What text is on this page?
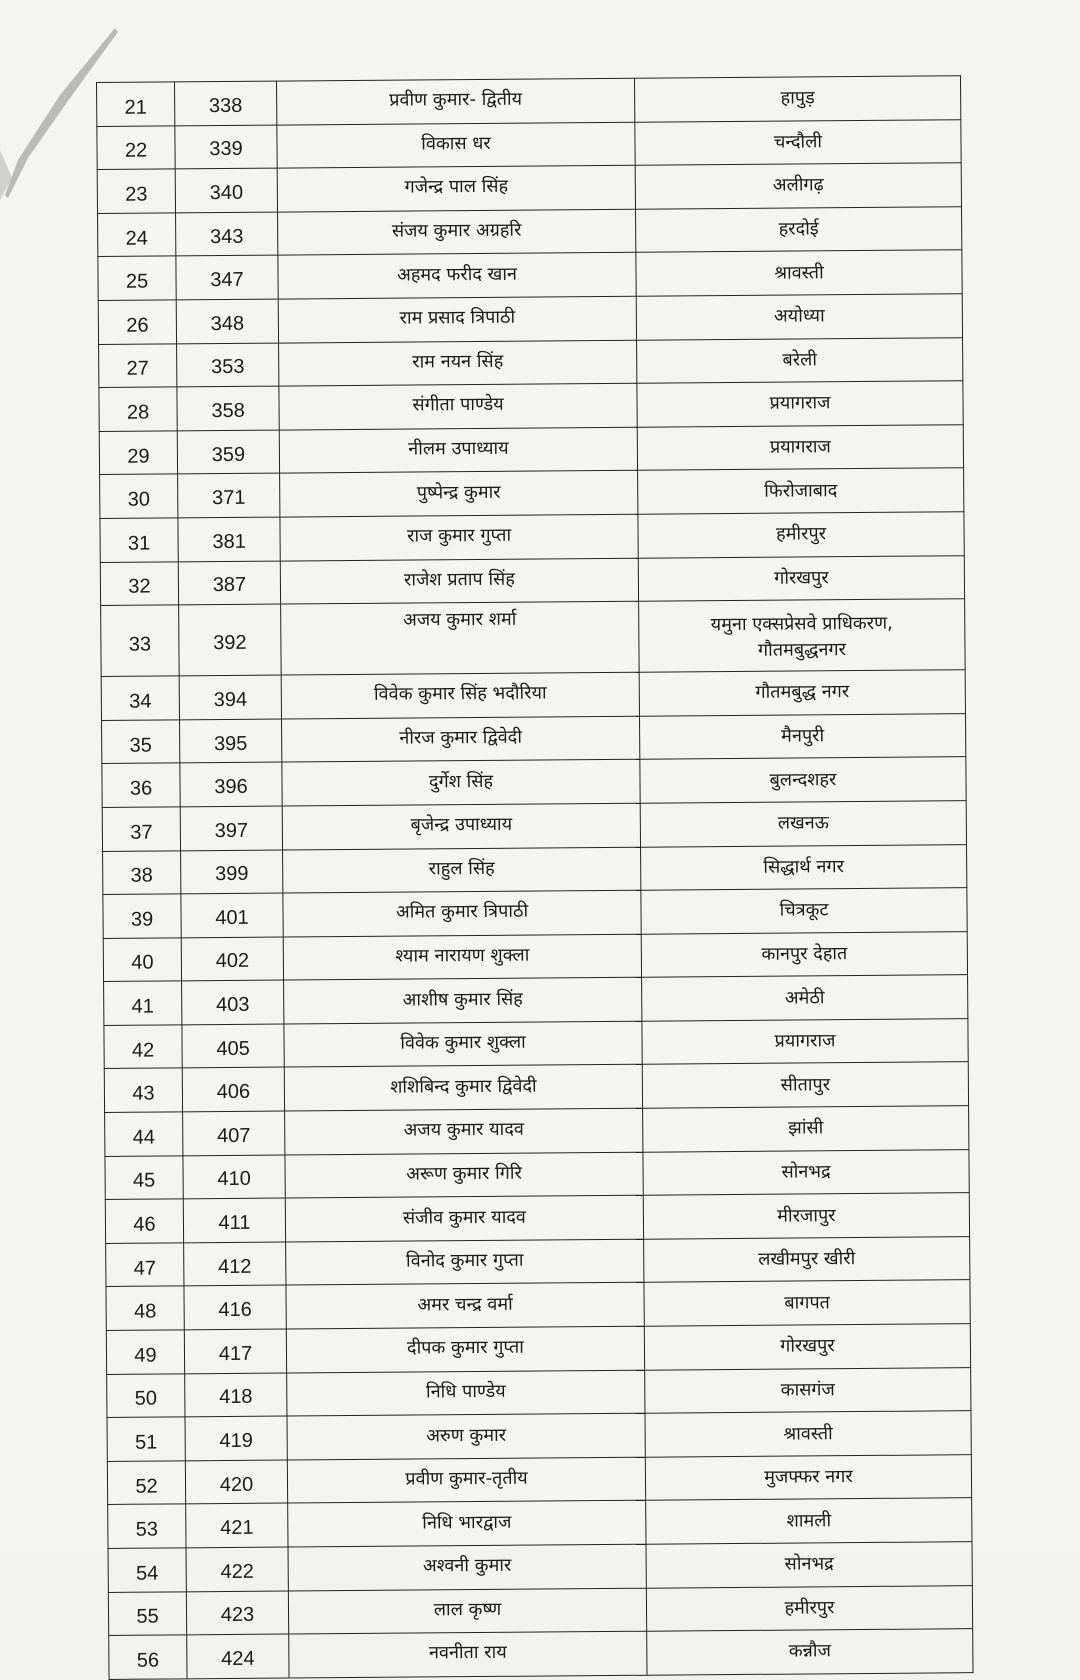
21	338	प्रवीण कुमार- द्वितीय	हापुड़

22	339	विकास धर	चन्दौली

23	340	गजेन्द्र पाल सिंह	अलीगढ़

24	343	संजय कुमार अग्रहरि	हरदोई

25	347	अहमद फरीद खान	श्रावस्ती

26	348	राम प्रसाद त्रिपाठी	अयोध्या

27	353	राम नयन सिंह	बरेली

28	358	संगीता पाण्डेय	प्रयागराज

29	359	नीलम उपाध्याय	प्रयागराज

30	371	पुष्पेन्द्र कुमार	फिरोजाबाद

31	381	राज कुमार गुप्ता	हमीरपुर

32	387	राजेश प्रताप सिंह	गोरखपुर

33	392	अजय कुमार शर्मा	यमुना एक्सप्रेसवे प्राधिकरण,
गौतमबुद्धनगर

34	394	विवेक कुमार सिंह भदौरिया	गौतमबुद्ध नगर

35	395	नीरज कुमार द्विवेदी	मैनपुरी

36	396	दुर्गेश सिंह	बुलन्दशहर

37	397	बृजेन्द्र उपाध्याय	लखनऊ

38	399	राहुल सिंह	सिद्धार्थ नगर

39	401	अमित कुमार त्रिपाठी	चित्रकूट

40	402	श्याम नारायण शुक्ला	कानपुर देहात

41	403	आशीष कुमार सिंह	अमेठी

42	405	विवेक कुमार शुक्ला	प्रयागराज

43	406	शशिबिन्द कुमार द्विवेदी	सीतापुर

44	407	अजय कुमार यादव	झांसी

45	410	अरूण कुमार गिरि	सोनभद्र

46	411	संजीव कुमार यादव	मीरजापुर

47	412	विनोद कुमार गुप्ता	लखीमपुर खीरी

48	416	अमर चन्द्र वर्मा	बागपत

49	417	दीपक कुमार गुप्ता	गोरखपुर

50	418	निधि पाण्डेय	कासगंज

51	419	अरुण कुमार	श्रावस्ती

52	420	प्रवीण कुमार-तृतीय	मुजफ्फर नगर

53	421	निधि भारद्वाज	शामली

54	422	अश्वनी कुमार	सोनभद्र

55	423	लाल कृष्ण	हमीरपुर

56	424	नवनीता राय	कन्नौज
